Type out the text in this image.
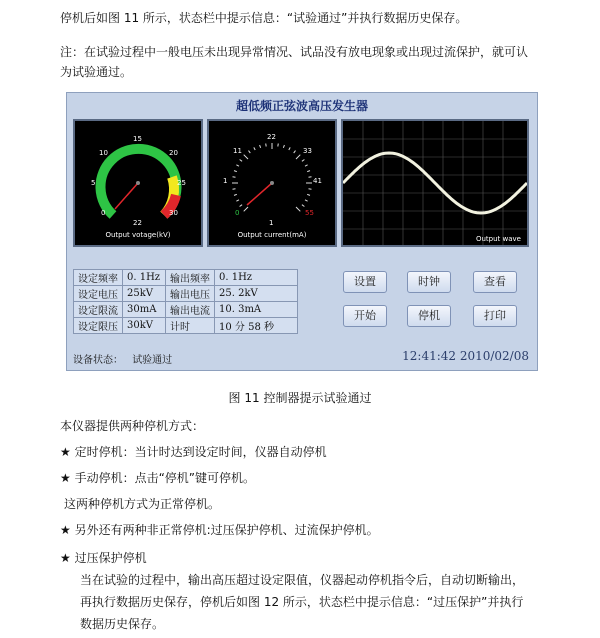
停机后如图 11 所示，状态栏中提示信息：“试验通过”并执行数据历史保存。
注：在试验过程中一般电压未出现异常情况、试品没有放电现象或出现过流保护，就可认
为试验通过。
超低频正弦波高压发生器
0
5
10
15
20
25
30
22
Output votage(kV)
0
1
11
22
33
41
55
1
Output current(mA)	Output wave
设定频率	0. 1Hz	输出频率	0. 1Hz
设定电压	25kV	输出电压	25. 2kV
设定限流	30mA	输出电流	10. 3mA
设定限压	30kV	计时	10 分 58 秒
设置	时钟	查看
开始	停机	打印
设备状态： 试验通过	12:41:42 2010/02/08
图 11 控制器提示试验通过
本仪器提供两种停机方式：
★ 定时停机：当计时达到设定时间，仪器自动停机
★ 手动停机：点击“停机”键可停机。
这两种停机方式为正常停机。
★ 另外还有两种非正常停机:过压保护停机、过流保护停机。
★ 过压保护停机
当在试验的过程中，输出高压超过设定限值，仪器起动停机指令后，自动切断输出，
再执行数据历史保存，停机后如图 12 所示，状态栏中提示信息：“过压保护”并执行
数据历史保存。
